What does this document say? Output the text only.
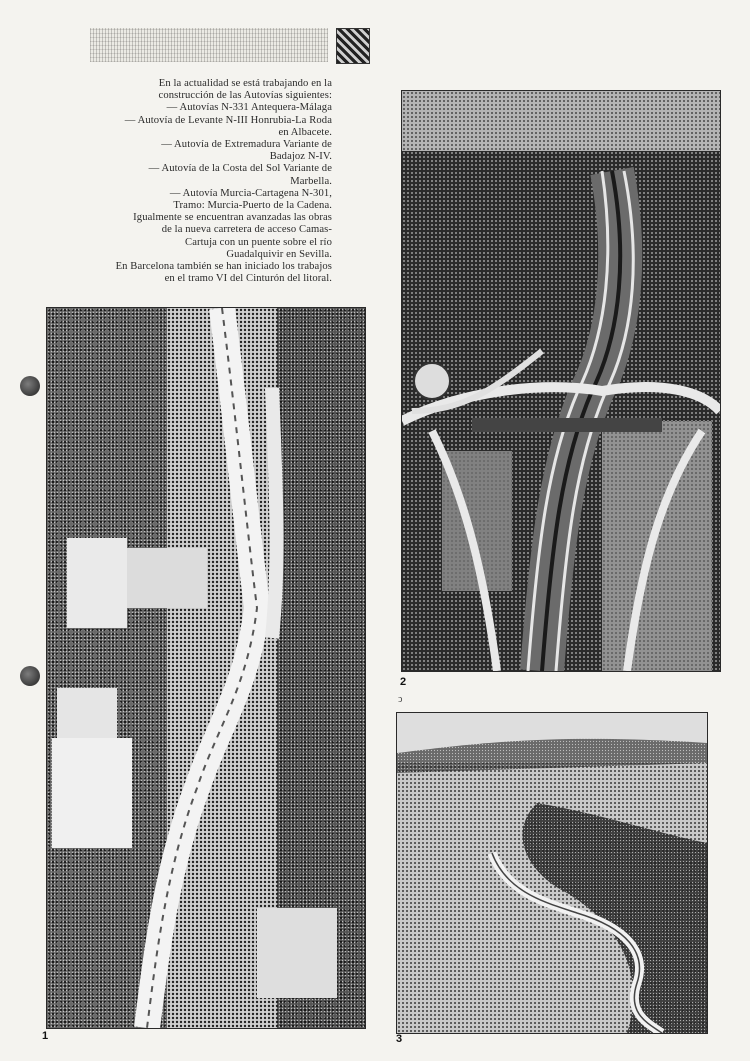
En la actualidad se está trabajando en la

construcción de las Autovías siguientes:

— Autovías N-331 Antequera-Málaga

— Autovía de Levante N-III Honrubia-La Roda

en Albacete.

— Autovía de Extremadura Variante de

Badajoz N-IV.

— Autovía de la Costa del Sol Variante de

Marbella.

— Autovía Murcia-Cartagena N-301,

Tramo: Murcia-Puerto de la Cadena.

Igualmente se encuentran avanzadas las obras

de la nueva carretera de acceso Camas-

Cartuja con un puente sobre el río

Guadalquivir en Sevilla.

En Barcelona también se han iniciado los trabajos

en el tramo VI del Cinturón del litoral.

1
2
ↄ
3
